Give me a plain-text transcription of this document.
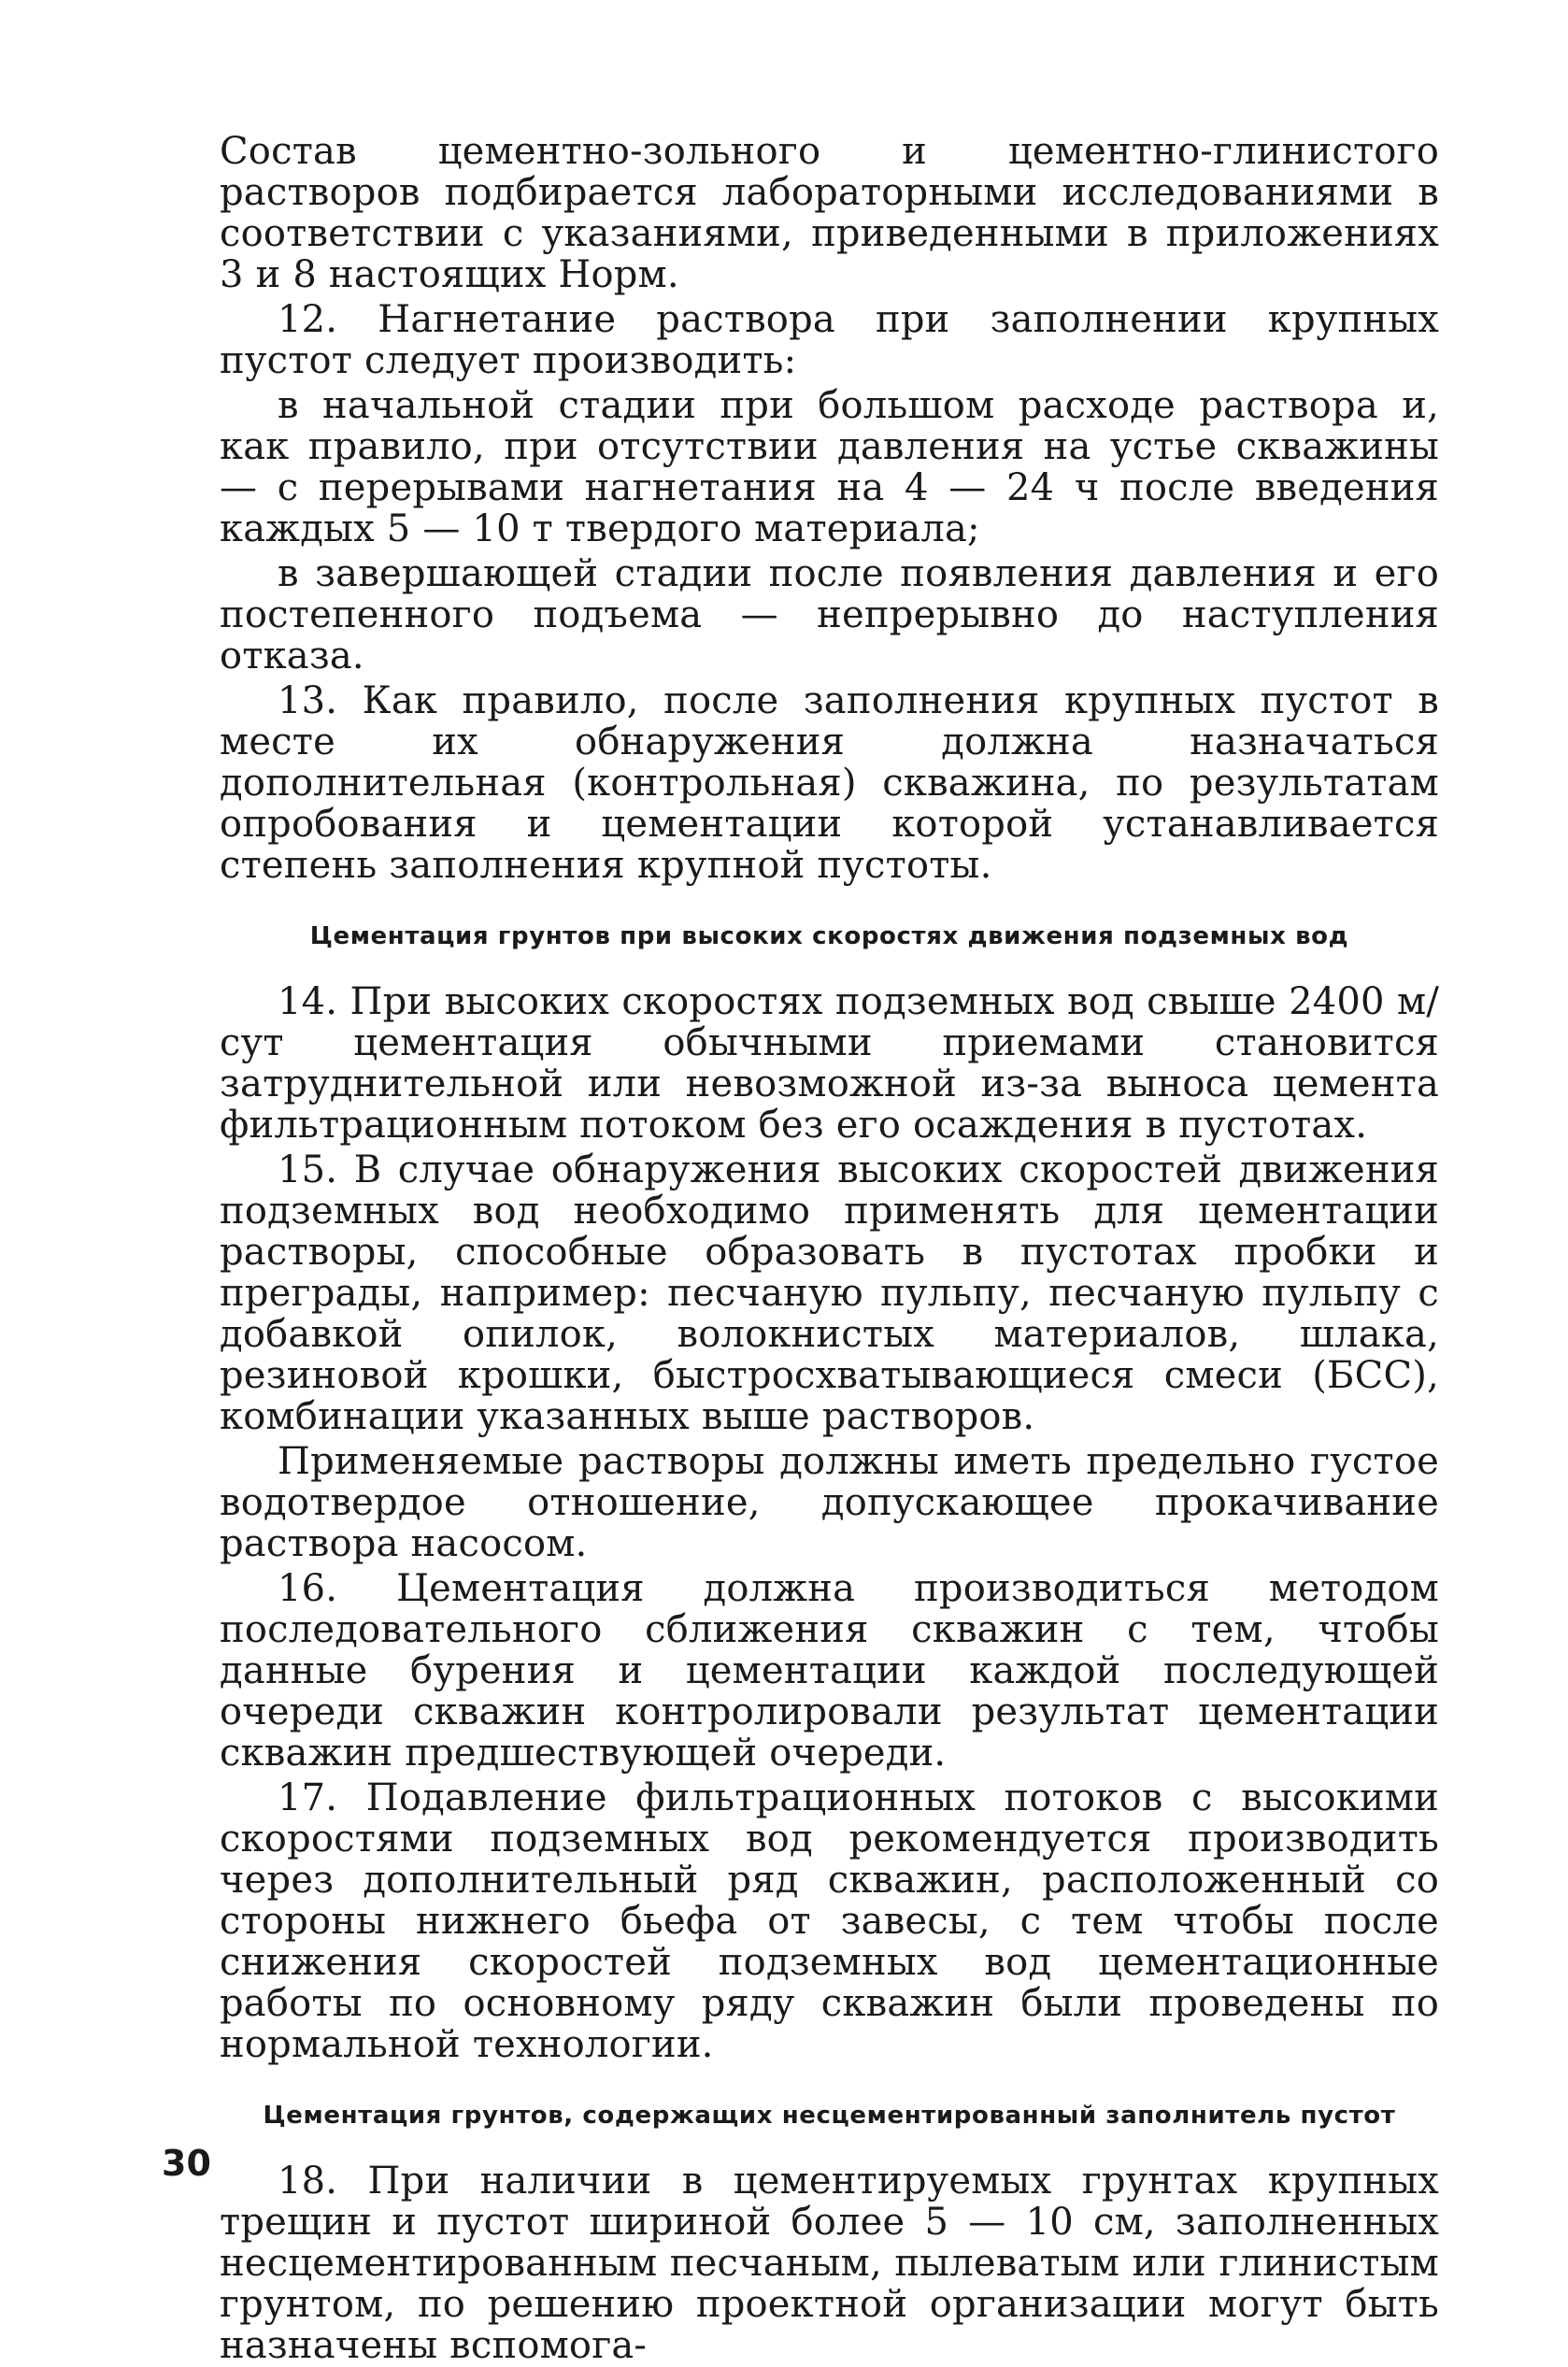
Состав цементно-зольного и цементно-глинистого растворов подбирается лабораторными исследованиями в соответствии с указаниями, приведенными в приложениях 3 и 8 настоящих Норм.

12. Нагнетание раствора при заполнении крупных пустот следует производить:

в начальной стадии при большом расходе раствора и, как правило, при отсутствии давления на устье скважины — с перерывами нагнетания на 4 — 24 ч после введения каждых 5 — 10 т твердого материала;

в завершающей стадии после появления давления и его постепенного подъема — непрерывно до наступления отказа.

13. Как правило, после заполнения крупных пустот в месте их обнаружения должна назначаться дополнительная (контрольная) скважина, по результатам опробования и цементации которой устанавливается степень заполнения крупной пустоты.

Цементация грунтов при высоких скоростях движения подземных вод

14. При высоких скоростях подземных вод свыше 2400 м/сут цементация обычными приемами становится затруднительной или невозможной из-за выноса цемента фильтрационным потоком без его осаждения в пустотах.

15. В случае обнаружения высоких скоростей движения подземных вод необходимо применять для цементации растворы, способные образовать в пустотах пробки и преграды, например: песчаную пульпу, песчаную пульпу с добавкой опилок, волокнистых материалов, шлака, резиновой крошки, быстросхватывающиеся смеси (БСС), комбинации указанных выше растворов.

Применяемые растворы должны иметь предельно густое водотвердое отношение, допускающее прокачивание раствора насосом.

16. Цементация должна производиться методом последовательного сближения скважин с тем, чтобы данные бурения и цементации каждой последующей очереди скважин контролировали результат цементации скважин предшествующей очереди.

17. Подавление фильтрационных потоков с высокими скоростями подземных вод рекомендуется производить через дополнительный ряд скважин, расположенный со стороны нижнего бьефа от завесы, с тем чтобы после снижения скоростей подземных вод цементационные работы по основному ряду скважин были проведены по нормальной технологии.

Цементация грунтов, содержащих несцементированный заполнитель пустот

18. При наличии в цементируемых грунтах крупных трещин и пустот шириной более 5 — 10 см, заполненных несцементированным песчаным, пылеватым или глинистым грунтом, по решению проектной организации могут быть назначены вспомога-

30
